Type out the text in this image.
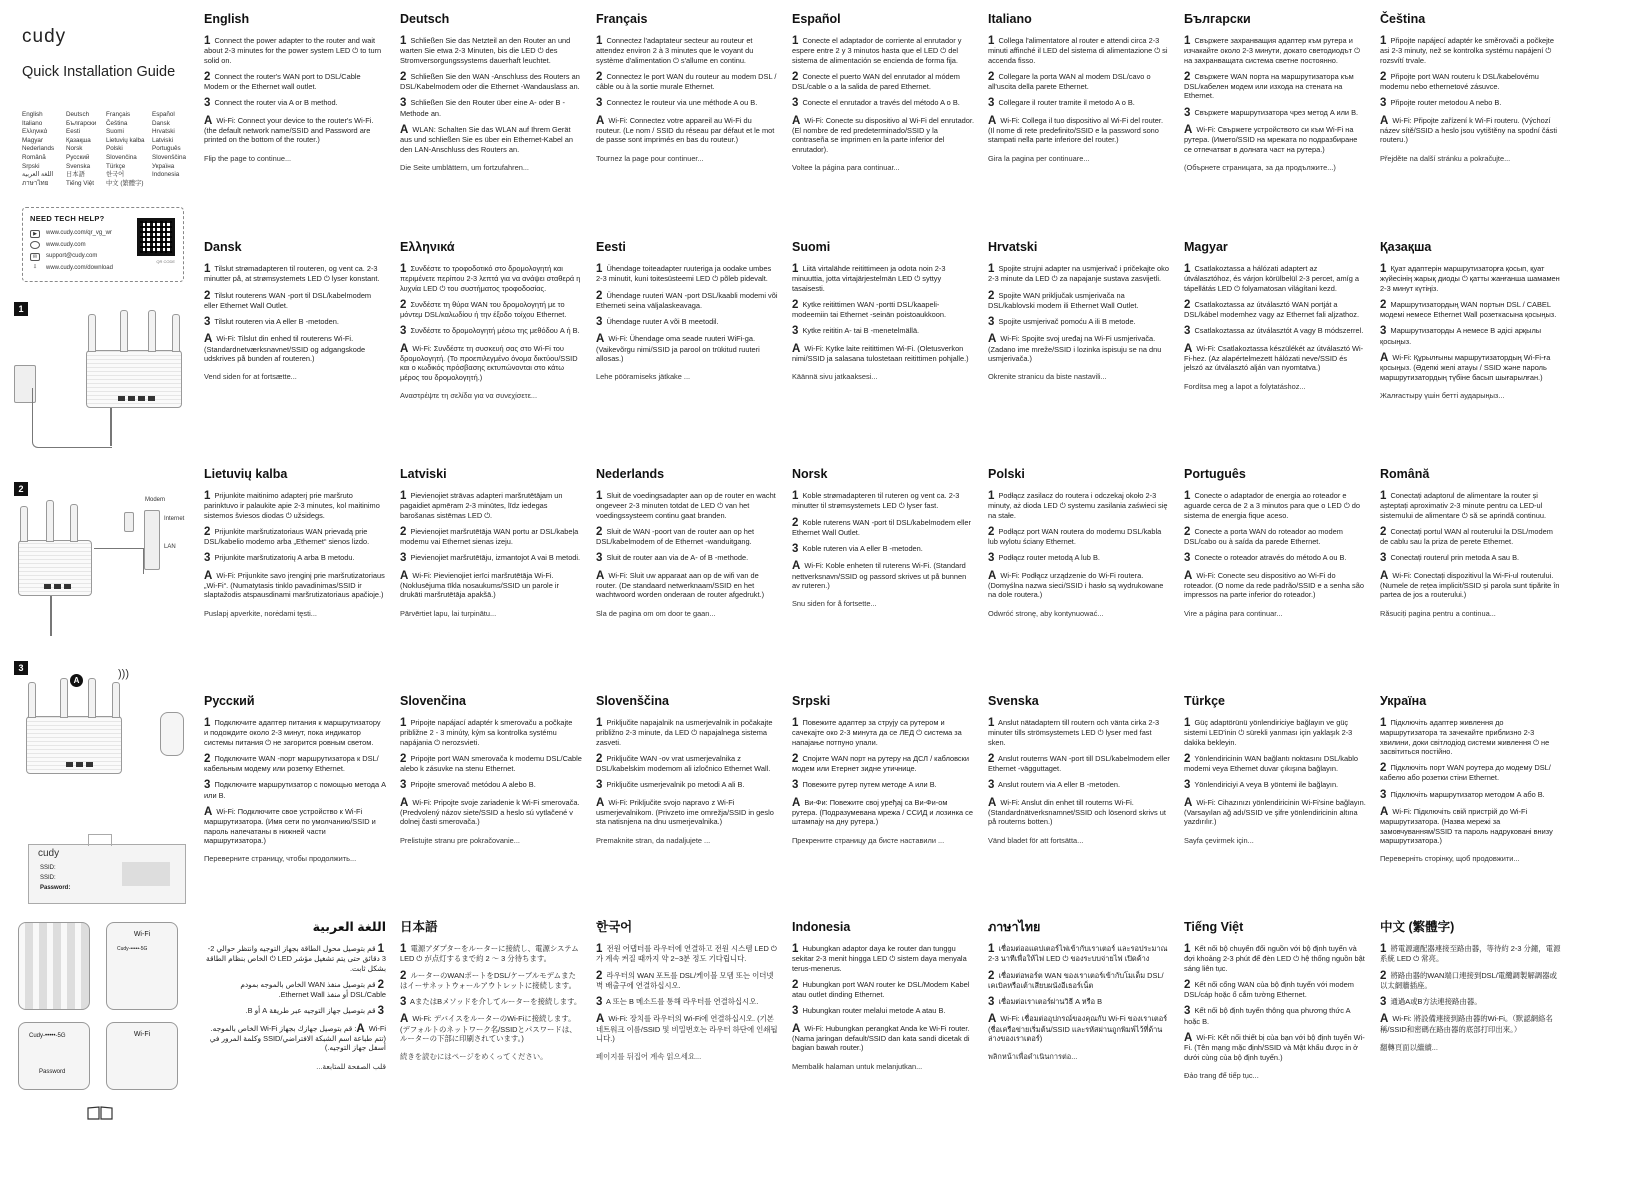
cudy
Quick Installation Guide
English	Deutsch	Français	Español
Italiano	Български	Čeština	Dansk
Ελληνικά	Eesti	Suomi	Hrvatski
Magyar	Қазақша	Lietuvių kalba	Latviski
Nederlands	Norsk	Polski	Português
Română	Русский	Slovenčina	Slovenščina
Srpski	Svenska	Türkçe	Українa
اللغة العربية	日本語	한국어	Indonesia
ภาษาไทย	Tiếng Việt	中文 (繁體字)
NEED TECH HELP?
▶	www.cudy.com/qr_vg_wr
www.cudy.com
✉	support@cudy.com
⇩	www.cudy.com/download
QR CODE
1
2
Modem
Internet
LAN
3
A
)))
cudy
SSID:
SSID:
Password:
Wi-Fi
Cudy-•••••-5G
Cudy-•••••-5G
Password
Wi-Fi
English
1 Connect the power adapter to the router and wait about 2-3 minutes for the power system LED ⏻ to turn solid on.
2 Connect the router's WAN port to DSL/Cable Modem or the Ethernet wall outlet.
3 Connect the router via A or B method.
A Wi-Fi: Connect your device to the router's Wi-Fi. (the default network name/SSID and Password are printed on the bottom of the router.)
Flip the page to continue...
Deutsch
1 Schließen Sie das Netzteil an den Router an und warten Sie etwa 2-3 Minuten, bis die LED ⏻ des Stromversorgungssystems dauerhaft leuchtet.
2 Schließen Sie den WAN -Anschluss des Routers an DSL/Kabelmodem oder die Ethernet -Wandauslass an.
3 Schließen Sie den Router über eine A- oder B -Methode an.
A WLAN: Schalten Sie das WLAN auf Ihrem Gerät aus und schließen Sie es über ein Ethernet-Kabel an den LAN-Anschluss des Routers an.
Die Seite umblättern, um fortzufahren...
Français
1 Connectez l'adaptateur secteur au routeur et attendez environ 2 à 3 minutes que le voyant du système d'alimentation ⏻ s'allume en continu.
2 Connectez le port WAN du routeur au modem DSL / câble ou à la sortie murale Ethernet.
3 Connectez le routeur via une méthode A ou B.
A Wi-Fi: Connectez votre appareil au Wi-Fi du routeur. (Le nom / SSID du réseau par défaut et le mot de passe sont imprimés en bas du routeur.)
Tournez la page pour continuer...
Español
1 Conecte el adaptador de corriente al enrutador y espere entre 2 y 3 minutos hasta que el LED ⏻ del sistema de alimentación se encienda de forma fija.
2 Conecte el puerto WAN del enrutador al módem DSL/cable o a la salida de pared Ethernet.
3 Conecte el enrutador a través del método A o B.
A Wi-Fi: Conecte su dispositivo al Wi-Fi del enrutador. (El nombre de red predeterminado/SSID y la contraseña se imprimen en la parte inferior del enrutador).
Voltee la página para continuar...
Italiano
1 Collega l'alimentatore al router e attendi circa 2-3 minuti affinché il LED del sistema di alimentazione ⏻ si accenda fisso.
2 Collegare la porta WAN al modem DSL/cavo o all'uscita della parete Ethernet.
3 Collegare il router tramite il metodo A o B.
A Wi-Fi: Collega il tuo dispositivo al Wi-Fi del router. (Il nome di rete predefinito/SSID e la password sono stampati nella parte inferiore del router.)
Gira la pagina per continuare...
Български
1 Свържете захранващия адаптер към рутера и изчакайте около 2-3 минути, докато светодиодът ⏻ на захранващата система светне постоянно.
2 Свържете WAN порта на маршрутизатора към DSL/кабелен модем или изхода на стената на Ethernet.
3 Свържете маршрутизатора чрез метод A или B.
A Wi-Fi: Свържете устройството си към Wi-Fi на рутера. (Името/SSID на мрежата по подразбиране се отпечатват в долната част на рутера.)
(Обърнете страницата, за да продължите...)
Čeština
1 Připojte napájecí adaptér ke směrovači a počkejte asi 2-3 minuty, než se kontrolka systému napájení ⏻ rozsvítí trvale.
2 Připojte port WAN routeru k DSL/kabelovému modemu nebo ethernetové zásuvce.
3 Připojte router metodou A nebo B.
A Wi-Fi: Připojte zařízení k Wi-Fi routeru. (Výchozí název sítě/SSID a heslo jsou vytištěny na spodní části routeru.)
Přejděte na další stránku a pokračujte...
Dansk
1 Tilslut strømadapteren til routeren, og vent ca. 2-3 minutter på, at strømsystemets LED ⏻ lyser konstant.
2 Tilslut routerens WAN -port til DSL/kabelmodem eller Ethernet Wall Outlet.
3 Tilslut routeren via A eller B -metoden.
A Wi-Fi: Tilslut din enhed til routerens Wi-Fi. (Standardnetværksnavnet/SSID og adgangskode udskrives på bunden af routeren.)
Vend siden for at fortsætte...
Ελληνικά
1 Συνδέστε το τροφοδοτικό στο δρομολογητή και περιμένετε περίπου 2-3 λεπτά για να ανάψει σταθερά η λυχνία LED ⏻ του συστήματος τροφοδοσίας.
2 Συνδέστε τη θύρα WAN του δρομολογητή με το μόντεμ DSL/καλωδίου ή την έξοδο τοίχου Ethernet.
3 Συνδέστε το δρομολογητή μέσω της μεθόδου A ή B.
A Wi-Fi: Συνδέστε τη συσκευή σας στο Wi-Fi του δρομολογητή. (Το προεπιλεγμένο όνομα δικτύου/SSID και ο κωδικός πρόσβασης εκτυπώνονται στο κάτω μέρος του δρομολογητή.)
Αναστρέψτε τη σελίδα για να συνεχίσετε...
Eesti
1 Ühendage toiteadapter ruuteriga ja oodake umbes 2-3 minutit, kuni toitesüsteemi LED ⏻ põleb pidevalt.
2 Ühendage ruuteri WAN -port DSL/kaabli modemi või Etherneti seina väljalaskeavaga.
3 Ühendage ruuter A või B meetodil.
A Wi-Fi: Ühendage oma seade ruuteri WiFi-ga. (Vaikevõrgu nimi/SSID ja parool on trükitud ruuteri allosas.)
Lehe pööramiseks jätkake ...
Suomi
1 Liitä virtalähde reitittimeen ja odota noin 2-3 minuuttia, jotta virtajärjestelmän LED ⏻ syttyy tasaisesti.
2 Kytke reitittimen WAN -portti DSL/kaapeli-modeemiin tai Ethernet -seinän poistoaukkoon.
3 Kytke reititin A- tai B -menetelmällä.
A Wi-Fi: Kytke laite reitittimen Wi-Fi. (Oletusverkon nimi/SSID ja salasana tulostetaan reitittimen pohjalle.)
Käännä sivu jatkaaksesi...
Hrvatski
1 Spojite strujni adapter na usmjerivač i pričekajte oko 2-3 minute da LED ⏻ za napajanje sustava zasvijetli.
2 Spojite WAN priključak usmjerivača na DSL/kablovski modem ili Ethernet Wall Outlet.
3 Spojite usmjerivač pomoću A ili B metode.
A Wi-Fi: Spojite svoj uređaj na Wi-Fi usmjerivača. (Zadano ime mreže/SSID i lozinka ispisuju se na dnu usmjerivača.)
Okrenite stranicu da biste nastavili...
Magyar
1 Csatlakoztassa a hálózati adaptert az útválasztóhoz, és várjon körülbelül 2-3 percet, amíg a tápellátás LED ⏻ folyamatosan világítani kezd.
2 Csatlakoztassa az útválasztó WAN portját a DSL/kábel modemhez vagy az Ethernet fali aljzathoz.
3 Csatlakoztassa az útválasztót A vagy B módszerrel.
A Wi-Fi: Csatlakoztassa készülékét az útválasztó Wi-Fi-hez. (Az alapértelmezett hálózati neve/SSID és jelszó az útválasztó alján van nyomtatva.)
Fordítsa meg a lapot a folytatáshoz...
Қазақша
1 Қуат адаптерін маршрутизаторға қосып, қуат жүйесінің жарық диоды ⏻ қатты жанғанша шамамен 2-3 минут күтіңіз.
2 Маршрутизатордың WAN портын DSL / CABEL модемі немесе Ethernet Wall розеткасына қосыңыз.
3 Маршрутизаторды A немесе B әдісі арқылы қосыңыз.
A Wi-Fi: Құрылғыны маршрутизатордың Wi-Fi-ға қосыңыз. (Әдепкі желі атауы / SSID және пароль маршрутизатордың түбіне басып шығарылған.)
Жалғастыру үшін бетті аударыңыз...
Lietuvių kalba
1 Prijunkite maitinimo adapterį prie maršruto parinktuvo ir palaukite apie 2-3 minutes, kol maitinimo sistemos šviesos diodas ⏻ užsidegs.
2 Prijunkite maršrutizatoriaus WAN prievadą prie DSL/kabelio modemo arba „Ethernet“ sienos lizdo.
3 Prijunkite maršrutizatorių A arba B metodu.
A Wi-Fi: Prijunkite savo įrenginį prie maršrutizatoriaus „Wi-Fi“. (Numatytasis tinklo pavadinimas/SSID ir slaptažodis atspausdinami maršrutizatoriaus apačioje.)
Puslapį apverkite, norėdami tęsti...
Latviski
1 Pievienojiet strāvas adapteri maršrutētājam un pagaidiet apmēram 2-3 minūtes, līdz iedegas barošanas sistēmas LED ⏻.
2 Pievienojiet maršrutētāja WAN portu ar DSL/kabeļa modemu vai Ethernet sienas izeju.
3 Pievienojiet maršrutētāju, izmantojot A vai B metodi.
A Wi-Fi: Pievienojiet ierīci maršrutētāja Wi-Fi. (Noklusējuma tīkla nosaukums/SSID un parole ir drukāti maršrutētāja apakšā.)
Pārvērtiet lapu, lai turpinātu...
Nederlands
1 Sluit de voedingsadapter aan op de router en wacht ongeveer 2-3 minuten totdat de LED ⏻ van het voedingssysteem continu gaat branden.
2 Sluit de WAN -poort van de router aan op het DSL/kabelmodem of de Ethernet -wanduitgang.
3 Sluit de router aan via de A- of B -methode.
A Wi-Fi: Sluit uw apparaat aan op de wifi van de router. (De standaard netwerknaam/SSID en het wachtwoord worden onderaan de router afgedrukt.)
Sla de pagina om om door te gaan...
Norsk
1 Koble strømadapteren til ruteren og vent ca. 2-3 minutter til strømsystemets LED ⏻ lyser fast.
2 Koble ruterens WAN -port til DSL/kabelmodem eller Ethernet Wall Outlet.
3 Koble ruteren via A eller B -metoden.
A Wi-Fi: Koble enheten til ruterens Wi-Fi. (Standard nettverksnavn/SSID og passord skrives ut på bunnen av ruteren.)
Snu siden for å fortsette...
Polski
1 Podłącz zasilacz do routera i odczekaj około 2-3 minuty, aż dioda LED ⏻ systemu zasilania zaświeci się na stałe.
2 Podłącz port WAN routera do modemu DSL/kabla lub wylotu ściany Ethernet.
3 Podłącz router metodą A lub B.
A Wi-Fi: Podłącz urządzenie do Wi-Fi routera. (Domyślna nazwa sieci/SSID i hasło są wydrukowane na dole routera.)
Odwróć stronę, aby kontynuować...
Português
1 Conecte o adaptador de energia ao roteador e aguarde cerca de 2 a 3 minutos para que o LED ⏻ do sistema de energia fique aceso.
2 Conecte a porta WAN do roteador ao modem DSL/cabo ou à saída da parede Ethernet.
3 Conecte o roteador através do método A ou B.
A Wi-Fi: Conecte seu dispositivo ao Wi-Fi do roteador. (O nome da rede padrão/SSID e a senha são impressos na parte inferior do roteador.)
Vire a página para continuar...
Română
1 Conectați adaptorul de alimentare la router și așteptați aproximativ 2-3 minute pentru ca LED-ul sistemului de alimentare ⏻ să se aprindă continuu.
2 Conectați portul WAN al routerului la DSL/modem de cablu sau la priza de perete Ethernet.
3 Conectați routerul prin metoda A sau B.
A Wi-Fi: Conectați dispozitivul la Wi-Fi-ul routerului. (Numele de rețea implicit/SSID și parola sunt tipărite în partea de jos a routerului.)
Răsuciți pagina pentru a continua...
Русский
1 Подключите адаптер питания к маршрутизатору и подождите около 2-3 минут, пока индикатор системы питания ⏻ не загорится ровным светом.
2 Подключите WAN -порт маршрутизатора к DSL/кабельным модему или розетку Ethernet.
3 Подключите маршрутизатор с помощью метода A или B.
A Wi-Fi: Подключите свое устройство к Wi-Fi маршрутизатора. (Имя сети по умолчанию/SSID и пароль напечатаны в нижней части маршрутизатора.)
Переверните страницу, чтобы продолжить...
Slovenčina
1 Pripojte napájací adaptér k smerovaču a počkajte približne 2 - 3 minúty, kým sa kontrolka systému napájania ⏻ nerozsvieti.
2 Pripojte port WAN smerovača k modemu DSL/Cable alebo k zásuvke na stenu Ethernet.
3 Pripojte smerovač metódou A alebo B.
A Wi-Fi: Pripojte svoje zariadenie k Wi-Fi smerovača. (Predvolený názov siete/SSID a heslo sú vytlačené v dolnej časti smerovača.)
Prelistujte stranu pre pokračovanie...
Slovenščina
1 Priključite napajalnik na usmerjevalnik in počakajte približno 2-3 minute, da LED ⏻ napajalnega sistema zasveti.
2 Priključite WAN -ov vrat usmerjevalnika z DSL/kabelskim modemom ali izločnico Ethernet Wall.
3 Priključite usmerjevalnik po metodi A ali B.
A Wi-Fi: Priključite svojo napravo z Wi-Fi usmerjevalnikom. (Privzeto ime omrežja/SSID in geslo sta natisnjena na dnu usmerjevalnika.)
Premaknite stran, da nadaljujete ...
Srpski
1 Повежите адаптер за струју са рутером и сачекајте око 2-3 минута да се ЛЕД ⏻ система за напајање потпуно упали.
2 Спојите WAN порт на рутеру на ДСЛ / кабловски модем или Етернет зидне утичнице.
3 Повежите рутер путем методе A или B.
A Ви-Фи: Повежите свој уређај са Ви-Фи-ом рутера. (Подразумевана мрежа / ССИД и лозинка се штампају на дну рутера.)
Прекрените страницу да бисте наставили ...
Svenska
1 Anslut nätadaptern till routern och vänta cirka 2-3 minuter tills strömsystemets LED ⏻ lyser med fast sken.
2 Anslut routerns WAN -port till DSL/kabelmodem eller Ethernet -vägguttaget.
3 Anslut routern via A eller B -metoden.
A Wi-Fi: Anslut din enhet till routerns Wi-Fi. (Standardnätverksnamnet/SSID och lösenord skrivs ut på routerns botten.)
Vänd bladet för att fortsätta...
Türkçe
1 Güç adaptörünü yönlendiriciye bağlayın ve güç sistemi LED'inin ⏻ sürekli yanması için yaklaşık 2-3 dakika bekleyin.
2 Yönlendiricinin WAN bağlantı noktasını DSL/kablo modemi veya Ethernet duvar çıkışına bağlayın.
3 Yönlendiriciyi A veya B yöntemi ile bağlayın.
A Wi-Fi: Cihazınızı yönlendiricinin Wi-Fi'sine bağlayın. (Varsayılan ağ adı/SSID ve şifre yönlendiricinin altına yazdırılır.)
Sayfa çevirmek için...
Українa
1 Підключіть адаптер живлення до маршрутизатора та зачекайте приблизно 2-3 хвилини, доки світлодіод системи живлення ⏻ не засвітиться постійно.
2 Підключіть порт WAN роутера до модему DSL/кабелю або розетки стіни Ethernet.
3 Підключіть маршрутизатор методом A або B.
A Wi-Fi: Підключіть свій пристрій до Wi-Fi маршрутизатора. (Назва мережі за замовчуванням/SSID та пароль надруковані внизу маршрутизатора.)
Переверніть сторінку, щоб продовжити...
اللغة العربية
1 قم بتوصيل محول الطاقة بجهاز التوجيه وانتظر حوالي 2-3 دقائق حتى يتم تشغيل مؤشر LED ⏻ الخاص بنظام الطاقة بشكل ثابت.
2 قم بتوصيل منفذ WAN الخاص بالموجه بمودم DSL/Cable أو منفذ Ethernet Wall.
3 قم بتوصيل جهاز التوجيه عبر طريقة A أو B.
A Wi-Fi: قم بتوصيل جهازك بجهاز Wi-Fi الخاص بالموجه. (تتم طباعة اسم الشبكة الافتراضي/SSID وكلمة المرور في أسفل جهاز التوجيه.)
قلب الصفحة للمتابعة...
日本語
1 電源アダプターをルーターに接続し、電源システム LED ⏻ が点灯するまで約 2 ～ 3 分待ちます。
2 ルーターのWANポートをDSL/ケーブルモデムまたはイーサネットウォールアウトレットに接続します。
3 AまたはBメソッドを介してルーターを接続します。
A Wi-Fi: デバイスをルーターのWi-Fiに接続します。(デフォルトのネットワーク名/SSIDとパスワードは、ルーターの下部に印刷されています。)
続きを読むにはページをめくってください。
한국어
1 전원 어댑터를 라우터에 연결하고 전원 시스템 LED ⏻ 가 계속 켜질 때까지 약 2~3분 정도 기다립니다.
2 라우터의 WAN 포트를 DSL/케이블 모뎀 또는 이더넷 벽 배출구에 연결하십시오.
3 A 또는 B 메소드를 통해 라우터를 연결하십시오.
A Wi-Fi: 장치를 라우터의 Wi-Fi에 연결하십시오. (기본 네트워크 이름/SSID 및 비밀번호는 라우터 하단에 인쇄됩니다.)
페이지를 뒤집어 계속 읽으세요...
Indonesia
1 Hubungkan adaptor daya ke router dan tunggu sekitar 2-3 menit hingga LED ⏻ sistem daya menyala terus-menerus.
2 Hubungkan port WAN router ke DSL/Modem Kabel atau outlet dinding Ethernet.
3 Hubungkan router melalui metode A atau B.
A Wi-Fi: Hubungkan perangkat Anda ke Wi-Fi router. (Nama jaringan default/SSID dan kata sandi dicetak di bagian bawah router.)
Membalik halaman untuk melanjutkan...
ภาษาไทย
1 เชื่อมต่ออแดปเตอร์ไฟเข้ากับเราเตอร์ และรอประมาณ 2-3 นาทีเพื่อให้ไฟ LED ⏻ ของระบบจ่ายไฟ เปิดค้าง
2 เชื่อมต่อพอร์ต WAN ของเราเตอร์เข้ากับโมเด็ม DSL/เคเบิลหรือเต้าเสียบผนังอีเธอร์เน็ต
3 เชื่อมต่อเราเตอร์ผ่านวิธี A หรือ B
A Wi-Fi: เชื่อมต่ออุปกรณ์ของคุณกับ Wi-Fi ของเราเตอร์ (ชื่อเครือข่ายเริ่มต้น/SSID และรหัสผ่านถูกพิมพ์ไว้ที่ด้านล่างของเราเตอร์)
พลิกหน้าเพื่อดำเนินการต่อ...
Tiếng Việt
1 Kết nối bộ chuyển đổi nguồn với bộ định tuyến và đợi khoảng 2-3 phút để đèn LED ⏻ hệ thống nguồn bật sáng liên tục.
2 Kết nối cổng WAN của bộ định tuyến với modem DSL/cáp hoặc ổ cắm tường Ethernet.
3 Kết nối bộ định tuyến thông qua phương thức A hoặc B.
A Wi-Fi: Kết nối thiết bị của bạn với bộ định tuyến Wi-Fi. (Tên mạng mặc định/SSID và Mật khẩu được in ở dưới cùng của bộ định tuyến.)
Đảo trang để tiếp tục...
中文 (繁體字)
1 將電源適配器連接至路由器，等待約 2-3 分鐘，電源系統 LED ⏻ 常亮。
2 將路由器的WAN端口連接到DSL/電纜調製解調器或以太網牆插座。
3 通過A或B方法連接路由器。
A Wi-Fi: 將設備連接到路由器的Wi-Fi。（默認網絡名稱/SSID和密碼在路由器的底部打印出來。）
翻轉頁面以繼續...
